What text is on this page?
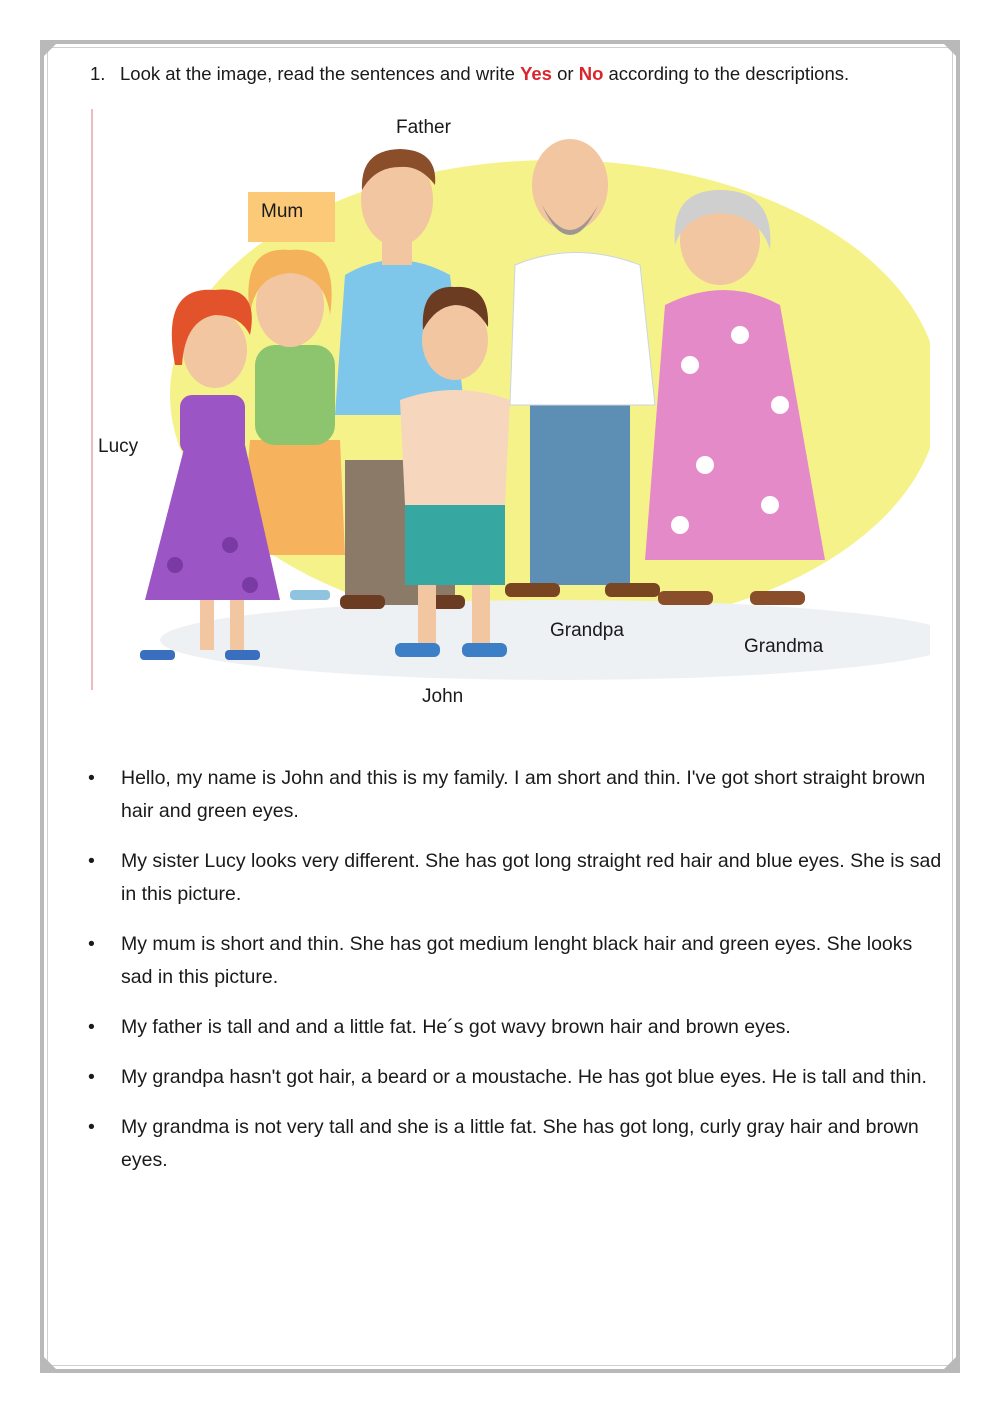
1. Look at the image, read the sentences and write Yes or No according to the descriptions.
Father
Mum
Lucy
Grandpa
Grandma
John
• Hello, my name is John and this is my family. I am short and thin. I've got short straight brown hair and green eyes.
• My sister Lucy looks very different. She has got long straight red hair and blue eyes. She is sad in this picture.
• My mum is short and thin. She has got medium lenght black hair and green eyes. She looks sad in this picture.
• My father is tall and and a little fat. He´s got wavy brown hair and brown eyes.
• My grandpa hasn't got hair, a beard or a moustache. He has got blue eyes. He is tall and thin.
• My grandma is not very tall and she is a little fat. She has got long, curly gray hair and brown eyes.
